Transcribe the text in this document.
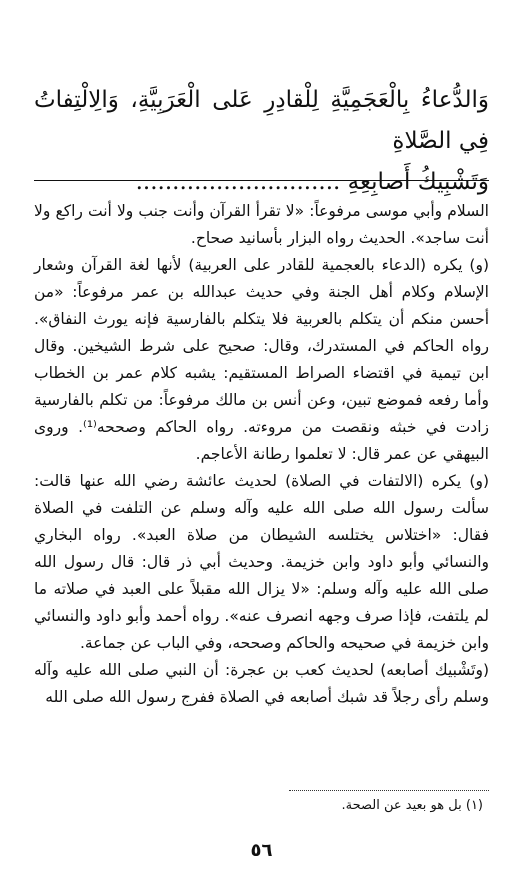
وَالدُّعاءُ بِالْعَجَمِيَّةِ لِلْقادِرِ عَلى الْعَرَبِيَّةِ، وَالِالْتِفاتُ فِي الصَّلاةِ
وَتَشْبِيكُ أَصابِعِهِ ............................

السلام وأبي موسى مرفوعاً: «لا تقرأ القرآن وأنت جنب ولا أنت راكع ولا أنت ساجد». الحديث رواه البزار بأسانيد صحاح.

(و) يكره (الدعاء بالعجمية للقادر على العربية) لأنها لغة القرآن وشعار الإسلام وكلام أهل الجنة وفي حديث عبدالله بن عمر مرفوعاً: «من أحسن منكم أن يتكلم بالعربية فلا يتكلم بالفارسية فإنه يورث النفاق». رواه الحاكم في المستدرك، وقال: صحيح على شرط الشيخين. وقال ابن تيمية في اقتضاء الصراط المستقيم: يشبه كلام عمر بن الخطاب وأما رفعه فموضع تبين، وعن أنس بن مالك مرفوعاً: من تكلم بالفارسية زادت في خبثه ونقصت من مروءته. رواه الحاكم وصححه⁽¹⁾. وروى البيهقي عن عمر قال: لا تعلموا رطانة الأعاجم.

(و) يكره (الالتفات في الصلاة) لحديث عائشة رضي الله عنها قالت: سألت رسول الله صلى الله عليه وآله وسلم عن التلفت في الصلاة فقال: «اختلاس يختلسه الشيطان من صلاة العبد». رواه البخاري والنسائي وأبو داود وابن خزيمة. وحديث أبي ذر قال: قال رسول الله صلى الله عليه وآله وسلم: «لا يزال الله مقبلاً على العبد في صلاته ما لم يلتفت، فإذا صرف وجهه انصرف عنه». رواه أحمد وأبو داود والنسائي وابن خزيمة في صحيحه والحاكم وصححه، وفي الباب عن جماعة.

(وتَشْبيك أصابعه) لحديث كعب بن عجرة: أن النبي صلى الله عليه وآله وسلم رأى رجلاً قد شبك أصابعه في الصلاة ففرج رسول الله صلى الله

(١) بل هو بعيد عن الصحة.
٥٦
